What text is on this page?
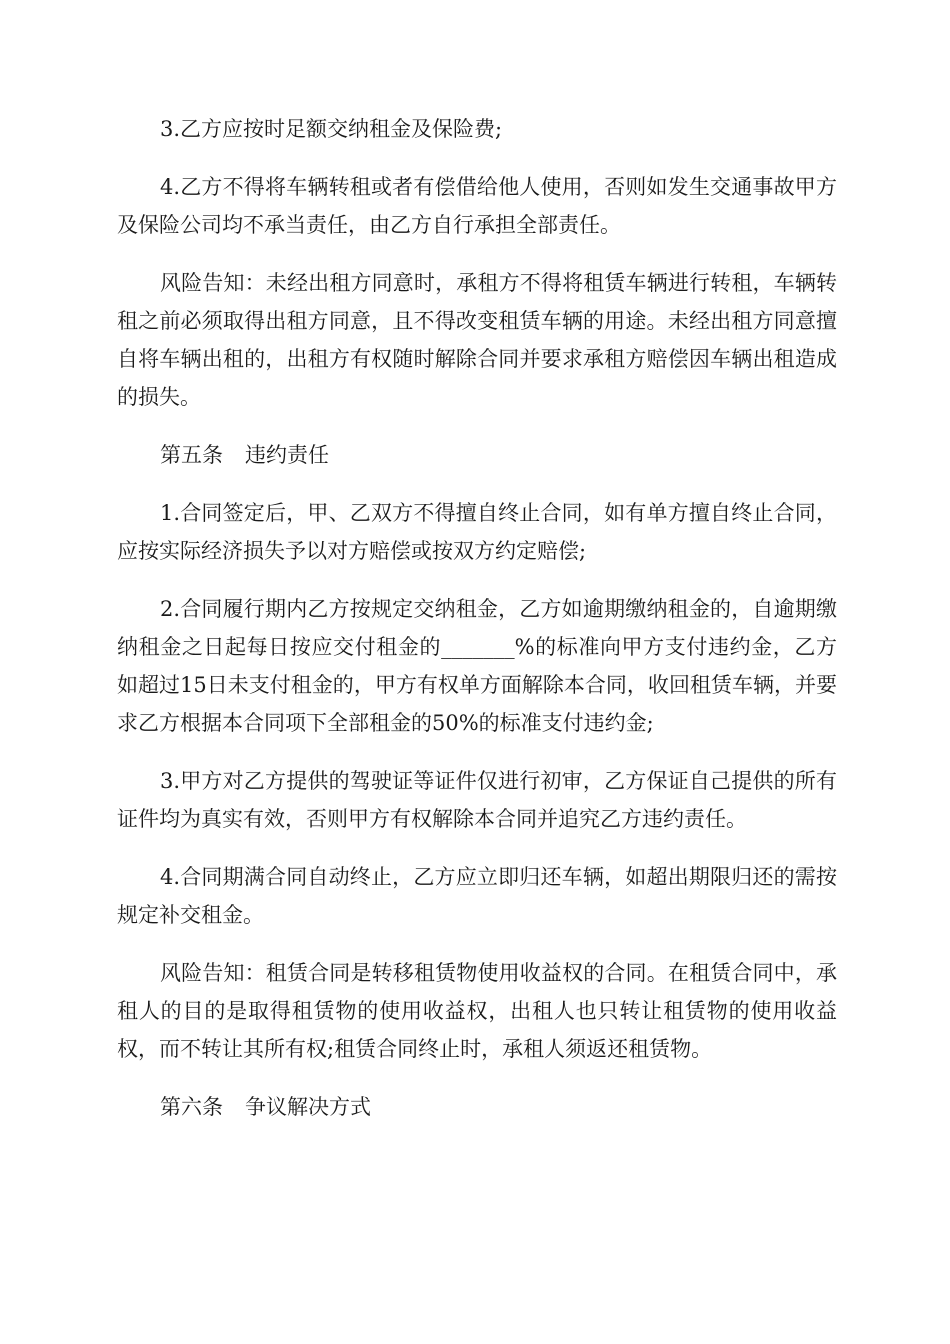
3.乙方应按时足额交纳租金及保险费;

4.乙方不得将车辆转租或者有偿借给他人使用，否则如发生交通事故甲方及保险公司均不承当责任，由乙方自行承担全部责任。

风险告知：未经出租方同意时，承租方不得将租赁车辆进行转租，车辆转租之前必须取得出租方同意，且不得改变租赁车辆的用途。未经出租方同意擅自将车辆出租的，出租方有权随时解除合同并要求承租方赔偿因车辆出租造成的损失。

第五条 违约责任

1.合同签定后，甲、乙双方不得擅自终止合同，如有单方擅自终止合同，应按实际经济损失予以对方赔偿或按双方约定赔偿;

2.合同履行期内乙方按规定交纳租金，乙方如逾期缴纳租金的，自逾期缴纳租金之日起每日按应交付租金的_______%的标准向甲方支付违约金，乙方如超过15日未支付租金的，甲方有权单方面解除本合同，收回租赁车辆，并要求乙方根据本合同项下全部租金的50%的标准支付违约金;

3.甲方对乙方提供的驾驶证等证件仅进行初审，乙方保证自己提供的所有证件均为真实有效，否则甲方有权解除本合同并追究乙方违约责任。

4.合同期满合同自动终止，乙方应立即归还车辆，如超出期限归还的需按规定补交租金。

风险告知：租赁合同是转移租赁物使用收益权的合同。在租赁合同中，承租人的目的是取得租赁物的使用收益权，出租人也只转让租赁物的使用收益权，而不转让其所有权;租赁合同终止时，承租人须返还租赁物。

第六条 争议解决方式
